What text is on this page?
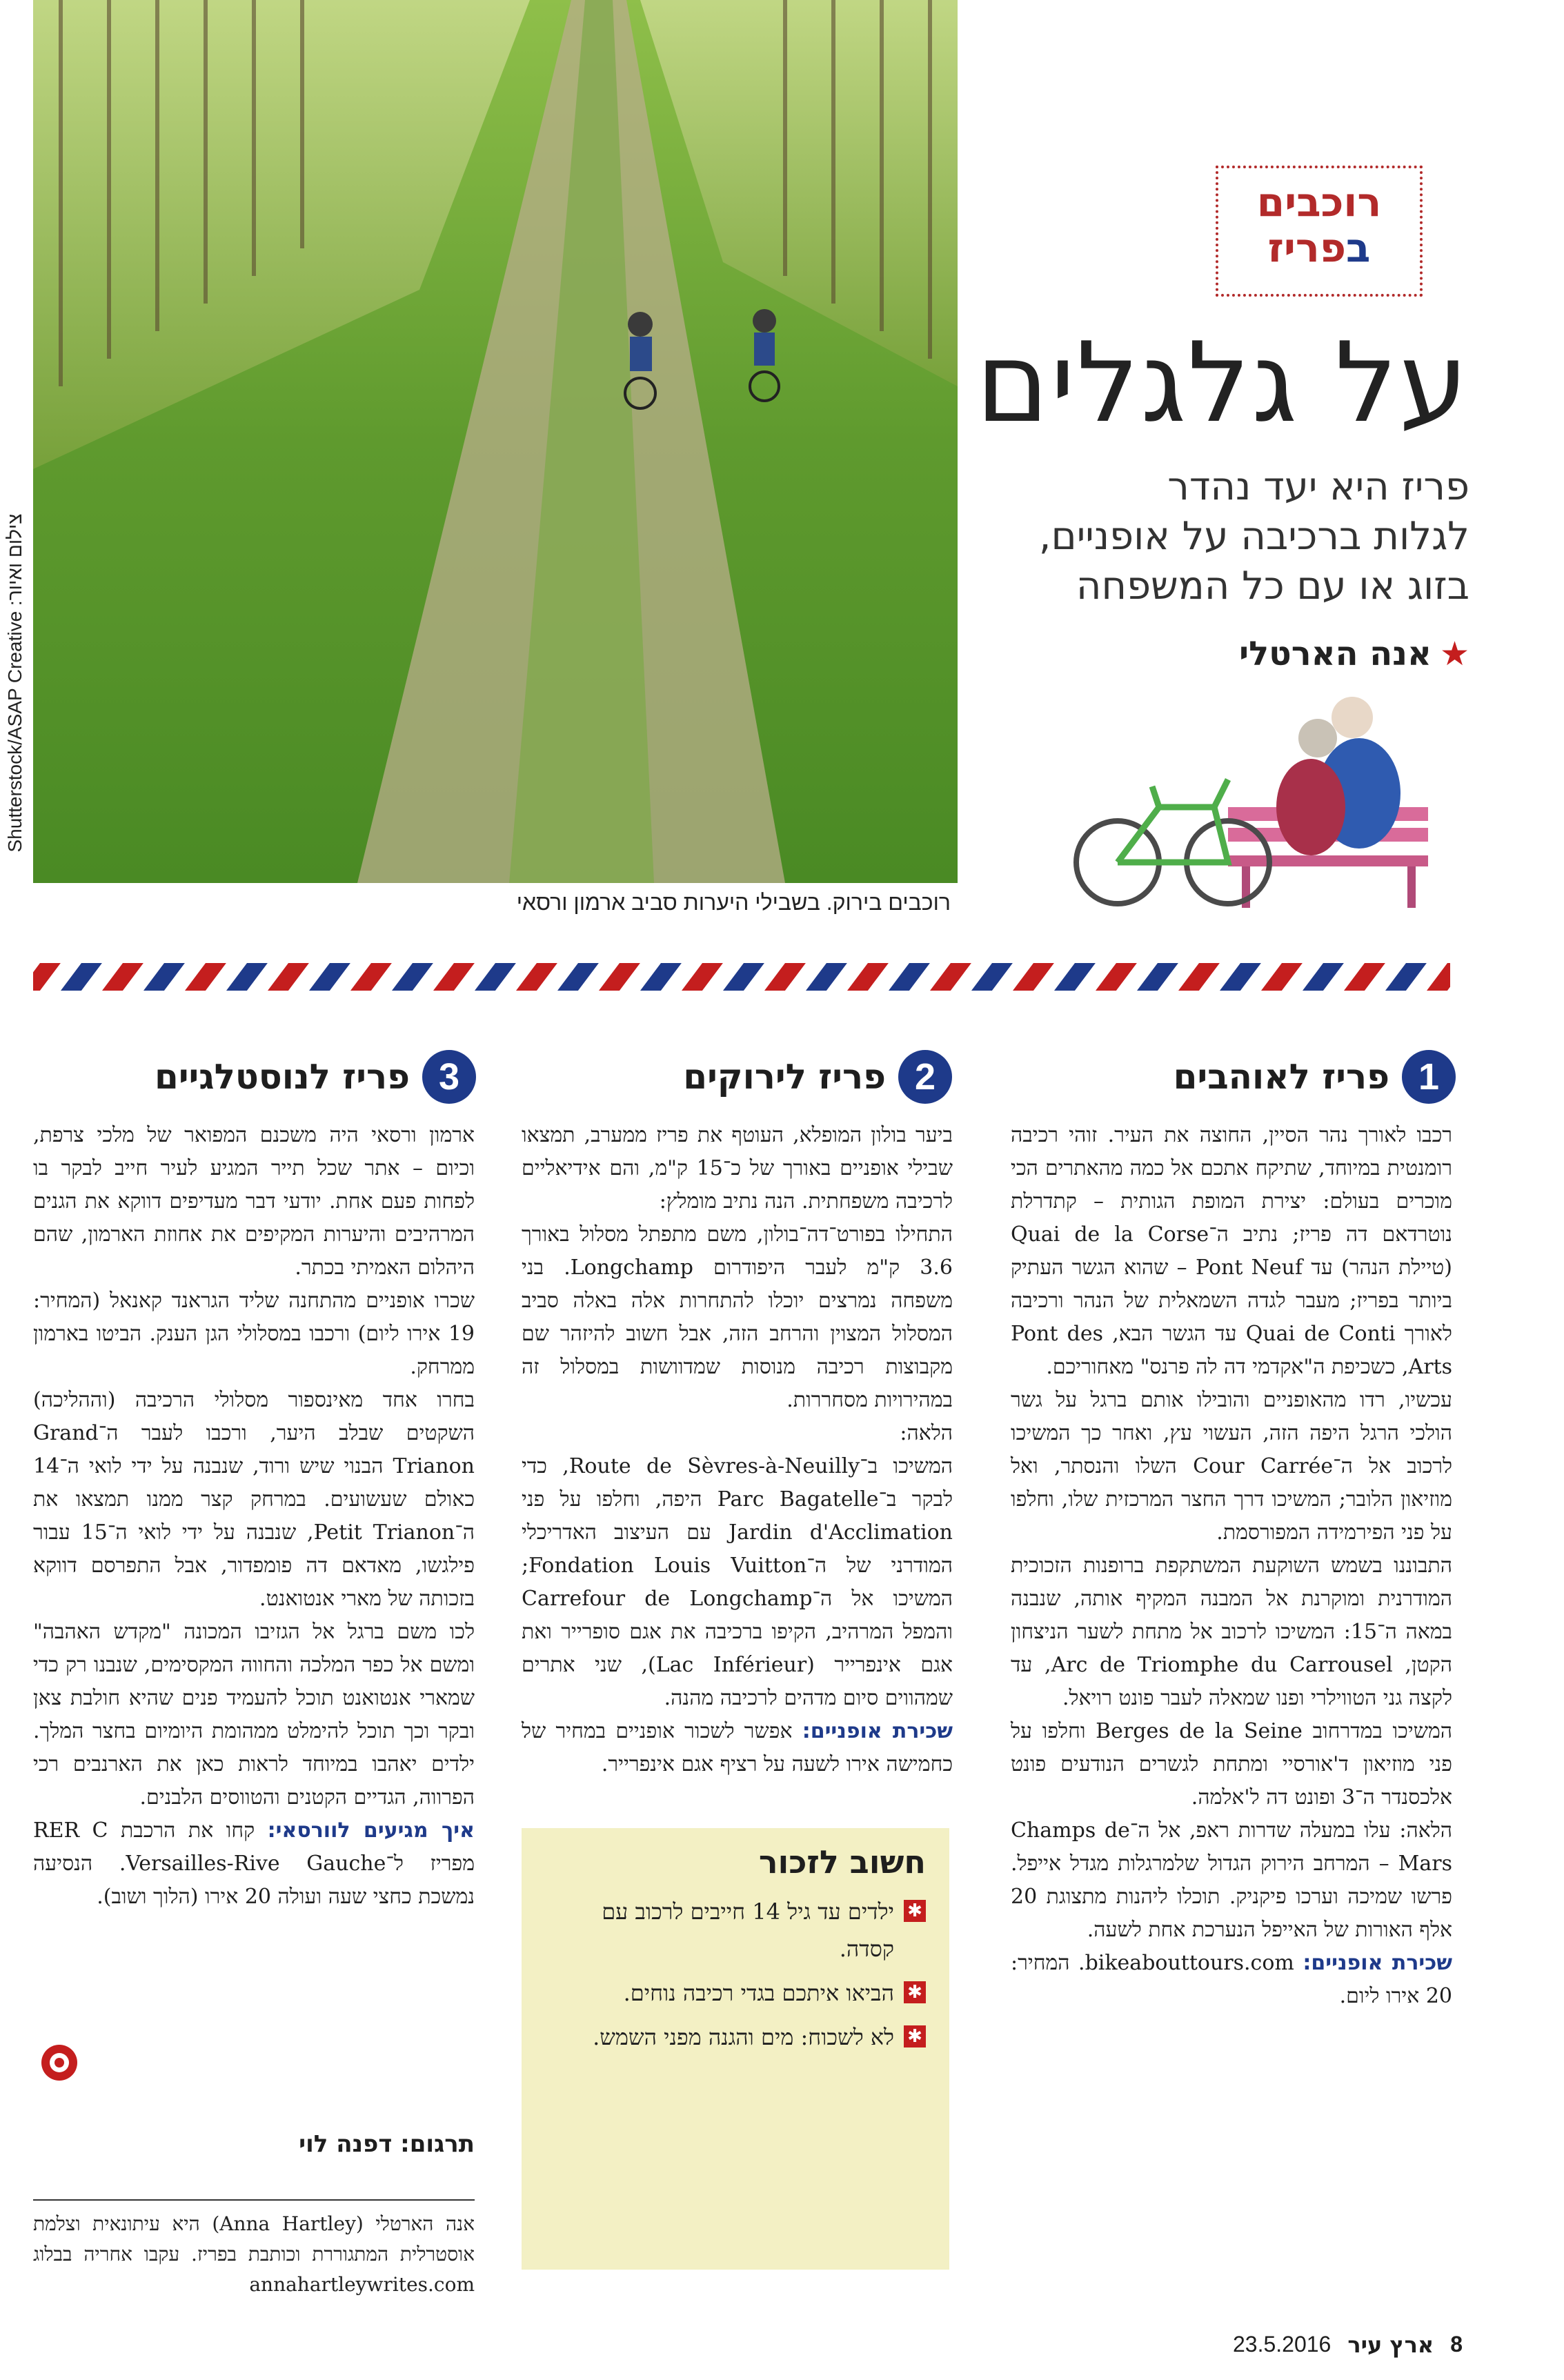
Shutterstock/ASAP Creative :צילום ואיור
רוכבים בירוק. בשבילי היערות סביב ארמון ורסאי
רוכבים
בפריז
על גלגלים
פריז היא יעד נהדר
לגלות ברכיבה על אופניים,
בזוג או עם כל המשפחה
★אנה הארטלי
1
פריז לאוהבים

רכבו לאורך נהר הסיין, החוצה את העיר. זוהי רכיבה רומנטית במיוחד, שתיקח אתכם אל כמה מהאתרים הכי מוכרים בעולם: יצירת המופת הגותית – קתדרלת נוטרדאם דה פריז; נתיב ה־Quai de la Corse (טיילת הנהר) עד Pont Neuf – שהוא הגשר העתיק ביותר בפריז; מעבר לגדה השמאלית של הנהר ורכיבה לאורך Quai de Conti עד הגשר הבא, Pont des Arts, כשכיפת ה"אקדמי דה לה פרנס" מאחוריכם.

עכשיו, רדו מהאופניים והובילו אותם ברגל על גשר הולכי הרגל היפה הזה, העשוי עץ, ואחר כך המשיכו לרכוב אל ה־Cour Carrée השלו והנסתר, ואל מוזיאון הלובר; המשיכו דרך החצר המרכזית שלו, וחלפו על פני הפירמידה המפורסמת.

התבוננו בשמש השוקעת המשתקפת ברופנות הזכוכית המודרנית ומוקרנת אל המבנה המקיף אותה, שנבנה במאה ה־15: המשיכו לרכוב אל מתחת לשער הניצחון הקטן, Arc de Triomphe du Carrousel, עד לקצה גני הטווילרי ופנו שמאלה לעבר פונט רויאל.

המשיכו במדרחוב Berges de la Seine וחלפו על פני מוזיאון ד'אורסיי ומתחת לגשרים הנודעים פונט אלכסנדר ה־3 ופונט דה ל'אלמה.

הלאה: עלו במעלה שדרות ראפ, אל ה־Champs de Mars – המרחב הירוק הגדול שלמרגלות מגדל אייפל. פרשו שמיכה וערכו פיקניק. תוכלו ליהנות מתצוגת 20 אלף האורות של האייפל הנערכת אחת לשעה.

שכירת אופניים: bikeabouttours.com. המחיר: 20 אירו ליום.

2
פריז לירוקים

ביער בולון המופלא, העוטף את פריז ממערב, תמצאו שבילי אופניים באורך של כ־15 ק"מ, והם אידיאליים לרכיבה משפחתית. הנה נתיב מומלץ:

התחילו בפורט־דה־בולון, משם מתפתל מסלול באורך 3.6 ק"מ לעבר היפודרום Longchamp. בני משפחה נמרצים יוכלו להתחרות אלה באלה סביב המסלול המצוין והרחב הזה, אבל חשוב להיזהר שם מקבוצות רכיבה מנוסות שמדוושות במסלול זה במהירויות מסחררות.

הלאה:

המשיכו ב־Route de Sèvres-à-Neuilly, כדי לבקר ב־Parc Bagatelle היפה, וחלפו על פני Jardin d'Acclimation עם העיצוב האדריכלי המודרני של ה־Fondation Louis Vuitton; המשיכו אל ה־Carrefour de Longchamp והמפל המרהיב, הקיפו ברכיבה את אגם סופרייר ואת אגם אינפרייר (Lac Inférieur), שני אתרים שמהווים סיום מדהים לרכיבה מהנה.

שכירת אופניים: אפשר לשכור אופניים במחיר של כחמישה אירו לשעה על רציף אגם אינפרייר.

חשוב לזכור
✱
ילדים עד גיל 14 חייבים לרכוב עם קסדה.
✱
הביאו איתכם בגדי רכיבה נוחים.
✱
לא לשכוח: מים והגנה מפני השמש.
3
פריז לנוסטלגיים

ארמון ורסאי היה משכנם המפואר של מלכי צרפת, וכיום – אתר שכל תייר המגיע לעיר חייב לבקר בו לפחות פעם אחת. יודעי דבר מעדיפים דווקא את הגנים המרהיבים והיערות המקיפים את אחוזת הארמון, שהם היהלום האמיתי בכתר.

שכרו אופניים מהתחנה שליד הגראנד קאנאל (המחיר: 19 אירו ליום) ורכבו במסלולי הגן הענק. הביטו בארמון ממרחק.

בחרו אחד מאינספור מסלולי הרכיבה (וההליכה) השקטים שבלב היער, ורכבו לעבר ה־Grand Trianon הבנוי שיש ורוד, שנבנה על ידי לואי ה־14 כאולם שעשועים. במרחק קצר ממנו תמצאו את ה־Petit Trianon, שנבנה על ידי לואי ה־15 עבור פילגשו, מאדאם דה פומפדור, אבל התפרסם דווקא בזכותה של מארי אנטואנט.

לכו משם ברגל אל הגזיבו המכונה "מקדש האהבה" ומשם אל כפר המלכה והחווה המקסימים, שנבנו רק כדי שמארי אנטואנט תוכל להעמיד פנים שהיא חולבת צאן ובקר וכך תוכל להימלט ממהומת היומיום בחצר המלך. ילדים יאהבו במיוחד לראות כאן את הארנבים רכי הפרווה, הגדיים הקטנים והטווסים הלבנים.

איך מגיעים לוורסאי: קחו את הרכבת RER C מפריז ל־Versailles-Rive Gauche. הנסיעה נמשכת כחצי שעה ועולה 20 אירו (הלוך ושוב).

תרגום: דפנה לוי
אנה הארטלי (Anna Hartley) היא עיתונאית וצלמת אוסטרלית המתגוררת וכותבת בפריז. עקבו אחריה בבלוג annahartleywrites.com
8
ארץ עיר
23.5.2016
